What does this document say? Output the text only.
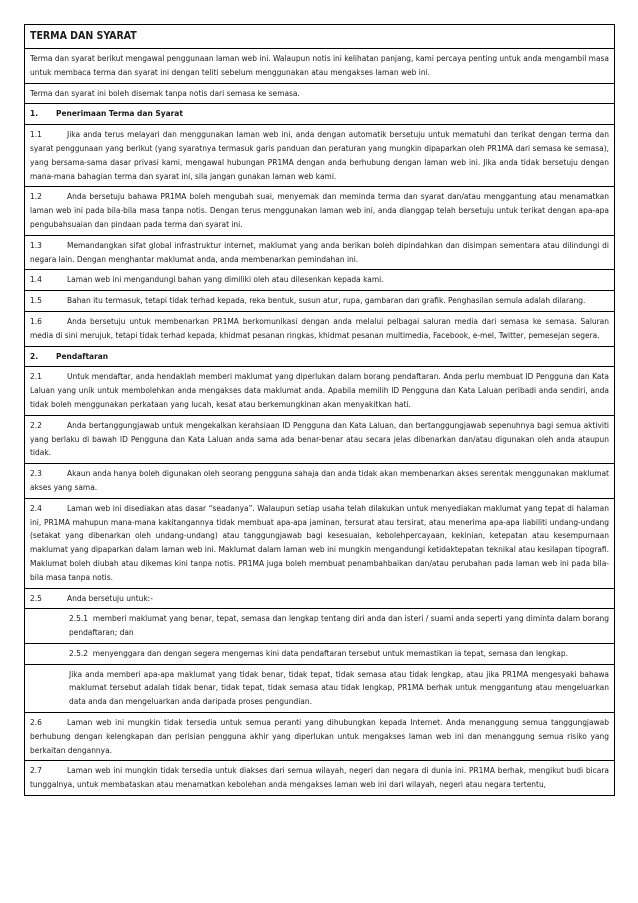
TERMA DAN SYARAT
Terma dan syarat berikut mengawal penggunaan laman web ini. Walaupun notis ini kelihatan panjang, kami percaya penting untuk anda mengambil masa untuk membaca terma dan syarat ini dengan teliti sebelum menggunakan atau mengakses laman web ini.
Terma dan syarat ini boleh disemak tanpa notis dari semasa ke semasa.
1. Penerimaan Terma dan Syarat
1.1	Jika anda terus melayari dan menggunakan laman web ini, anda dengan automatik bersetuju untuk mematuhi dan terikat dengan terma dan syarat penggunaan yang berikut (yang syaratnya termasuk garis panduan dan peraturan yang mungkin dipaparkan oleh PR1MA dari semasa ke semasa), yang bersama-sama dasar privasi kami, mengawal hubungan PR1MA dengan anda berhubung dengan laman web ini. Jika anda tidak bersetuju dengan mana-mana bahagian terma dan syarat ini, sila jangan gunakan laman web kami.
1.2	Anda bersetuju bahawa PR1MA boleh mengubah suai, menyemak dan meminda terma dan syarat dan/atau menggantung atau menamatkan laman web ini pada bila-bila masa tanpa notis. Dengan terus menggunakan laman web ini, anda dianggap telah bersetuju untuk terikat dengan apa-apa pengubahsuaian dan pindaan pada terma dan syarat ini.
1.3	Memandangkan sifat global infrastruktur internet, maklumat yang anda berikan boleh dipindahkan dan disimpan sementara atau dilindungi di negara lain. Dengan menghantar maklumat anda, anda membenarkan pemindahan ini.
1.4	Laman web ini mengandungi bahan yang dimiliki oleh atau dilesenkan kepada kami.
1.5	Bahan itu termasuk, tetapi tidak terhad kepada, reka bentuk, susun atur, rupa, gambaran dan grafik. Penghasilan semula adalah dilarang.
1.6	Anda bersetuju untuk membenarkan PR1MA berkomunikasi dengan anda melalui pelbagai saluran media dari semasa ke semasa. Saluran media di sini merujuk, tetapi tidak terhad kepada, khidmat pesanan ringkas, khidmat pesanan multimedia, Facebook, e-mel, Twitter, pemesejan segera.
2. Pendaftaran
2.1	Untuk mendaftar, anda hendaklah memberi maklumat yang diperlukan dalam borang pendaftaran. Anda perlu membuat ID Pengguna dan Kata Laluan yang unik untuk membolehkan anda mengakses data maklumat anda. Apabila memilih ID Pengguna dan Kata Laluan peribadi anda sendiri, anda tidak boleh menggunakan perkataan yang lucah, kesat atau berkemungkinan akan menyakitkan hati.
2.2	Anda bertanggungjawab untuk mengekalkan kerahsiaan ID Pengguna dan Kata Laluan, dan bertanggungjawab sepenuhnya bagi semua aktiviti yang berlaku di bawah ID Pengguna dan Kata Laluan anda sama ada benar-benar atau secara jelas dibenarkan dan/atau digunakan oleh anda ataupun tidak.
2.3	Akaun anda hanya boleh digunakan oleh seorang pengguna sahaja dan anda tidak akan membenarkan akses serentak menggunakan maklumat akses yang sama.
2.4	Laman web ini disediakan atas dasar “seadanya”. Walaupun setiap usaha telah dilakukan untuk menyediakan maklumat yang tepat di halaman ini, PR1MA mahupun mana-mana kakitangannya tidak membuat apa-apa jaminan, tersurat atau tersirat, atau menerima apa-apa liabiliti undang-undang (setakat yang dibenarkan oleh undang-undang) atau tanggungjawab bagi kesesuaian, kebolehpercayaan, kekinian, ketepatan atau kesempurnaan maklumat yang dipaparkan dalam laman web ini. Maklumat dalam laman web ini mungkin mengandungi ketidaktepatan teknikal atau kesilapan tipografi. Maklumat boleh diubah atau dikemas kini tanpa notis. PR1MA juga boleh membuat penambahbaikan dan/atau perubahan pada laman web ini pada bila-bila masa tanpa notis.
2.5	Anda bersetuju untuk:-
2.5.1 memberi maklumat yang benar, tepat, semasa dan lengkap tentang diri anda dan isteri / suami anda seperti yang diminta dalam borang pendaftaran; dan
2.5.2 menyenggara dan dengan segera mengemas kini data pendaftaran tersebut untuk memastikan ia tepat, semasa dan lengkap.
Jika anda memberi apa-apa maklumat yang tidak benar, tidak tepat, tidak semasa atau tidak lengkap, atau jika PR1MA mengesyaki bahawa maklumat tersebut adalah tidak benar, tidak tepat, tidak semasa atau tidak lengkap, PR1MA berhak untuk menggantung atau mengeluarkan data anda dan mengeluarkan anda daripada proses pengundian.
2.6	Laman web ini mungkin tidak tersedia untuk semua peranti yang dihubungkan kepada Internet. Anda menanggung semua tanggungjawab berhubung dengan kelengkapan dan perisian pengguna akhir yang diperlukan untuk mengakses laman web ini dan menanggung semua risiko yang berkaitan dengannya.
2.7	Laman web ini mungkin tidak tersedia untuk diakses dari semua wilayah, negeri dan negara di dunia ini. PR1MA berhak, mengikut budi bicara tunggalnya, untuk membataskan atau menamatkan kebolehan anda mengakses laman web ini dari wilayah, negeri atau negara tertentu,
